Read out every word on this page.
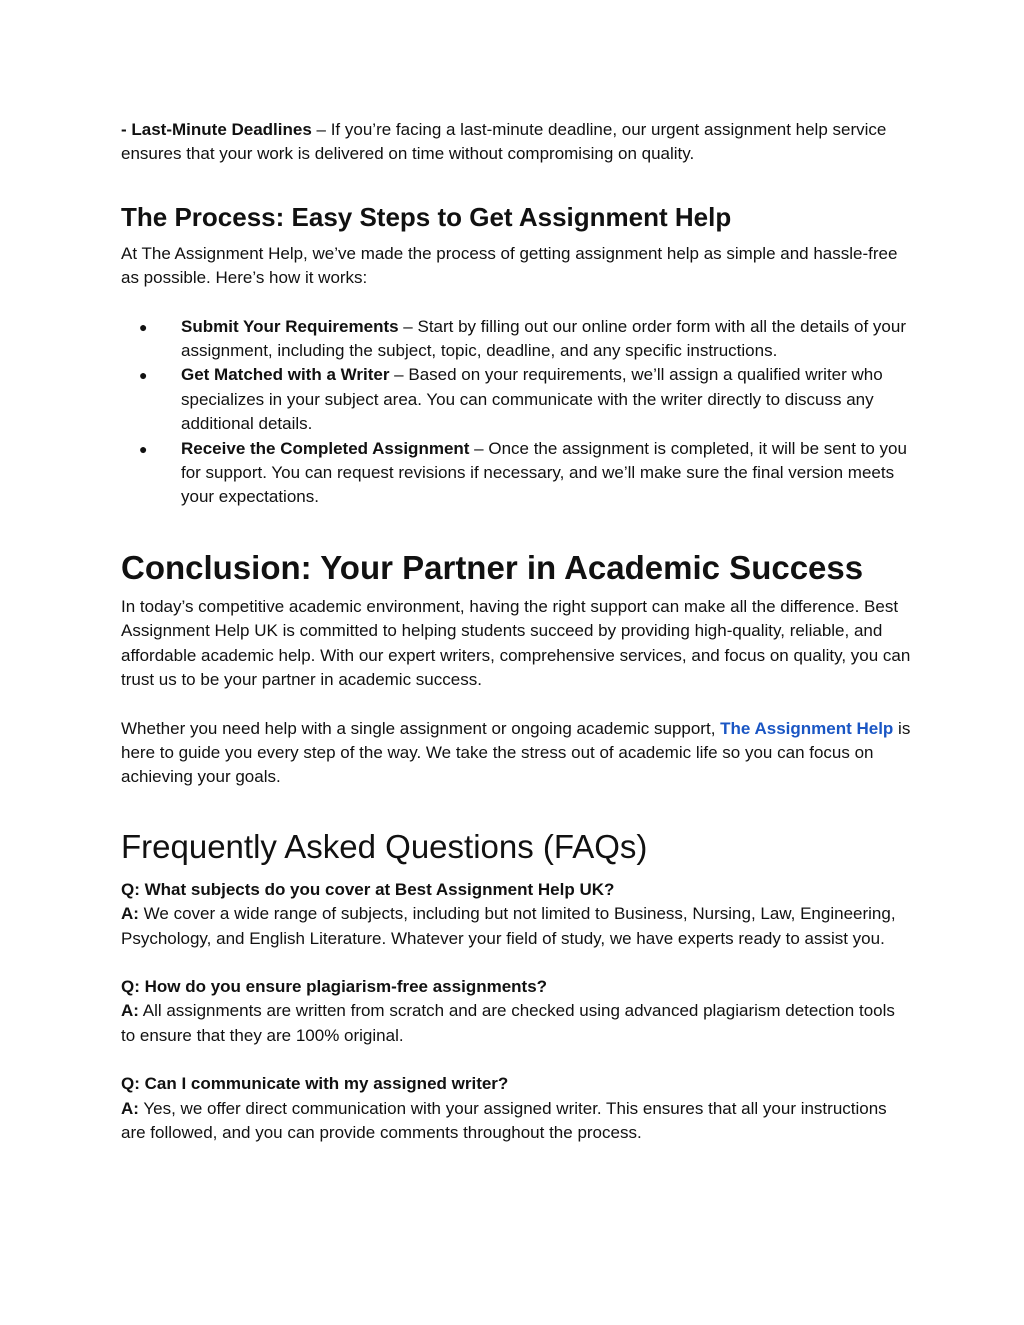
- Last-Minute Deadlines – If you’re facing a last-minute deadline, our urgent assignment help service ensures that your work is delivered on time without compromising on quality.

The Process: Easy Steps to Get Assignment Help

At The Assignment Help, we’ve made the process of getting assignment help as simple and hassle-free as possible. Here’s how it works:

● Submit Your Requirements – Start by filling out our online order form with all the details of your assignment, including the subject, topic, deadline, and any specific instructions.
● Get Matched with a Writer – Based on your requirements, we’ll assign a qualified writer who specializes in your subject area. You can communicate with the writer directly to discuss any additional details.
● Receive the Completed Assignment – Once the assignment is completed, it will be sent to you for support. You can request revisions if necessary, and we’ll make sure the final version meets your expectations.
Conclusion: Your Partner in Academic Success

In today’s competitive academic environment, having the right support can make all the difference. Best Assignment Help UK is committed to helping students succeed by providing high-quality, reliable, and affordable academic help. With our expert writers, comprehensive services, and focus on quality, you can trust us to be your partner in academic success.

Whether you need help with a single assignment or ongoing academic support, The Assignment Help is here to guide you every step of the way. We take the stress out of academic life so you can focus on achieving your goals.

Frequently Asked Questions (FAQs)

Q: What subjects do you cover at Best Assignment Help UK?

A: We cover a wide range of subjects, including but not limited to Business, Nursing, Law, Engineering, Psychology, and English Literature. Whatever your field of study, we have experts ready to assist you.

Q: How do you ensure plagiarism-free assignments?

A: All assignments are written from scratch and are checked using advanced plagiarism detection tools to ensure that they are 100% original.

Q: Can I communicate with my assigned writer?

A: Yes, we offer direct communication with your assigned writer. This ensures that all your instructions are followed, and you can provide comments throughout the process.
